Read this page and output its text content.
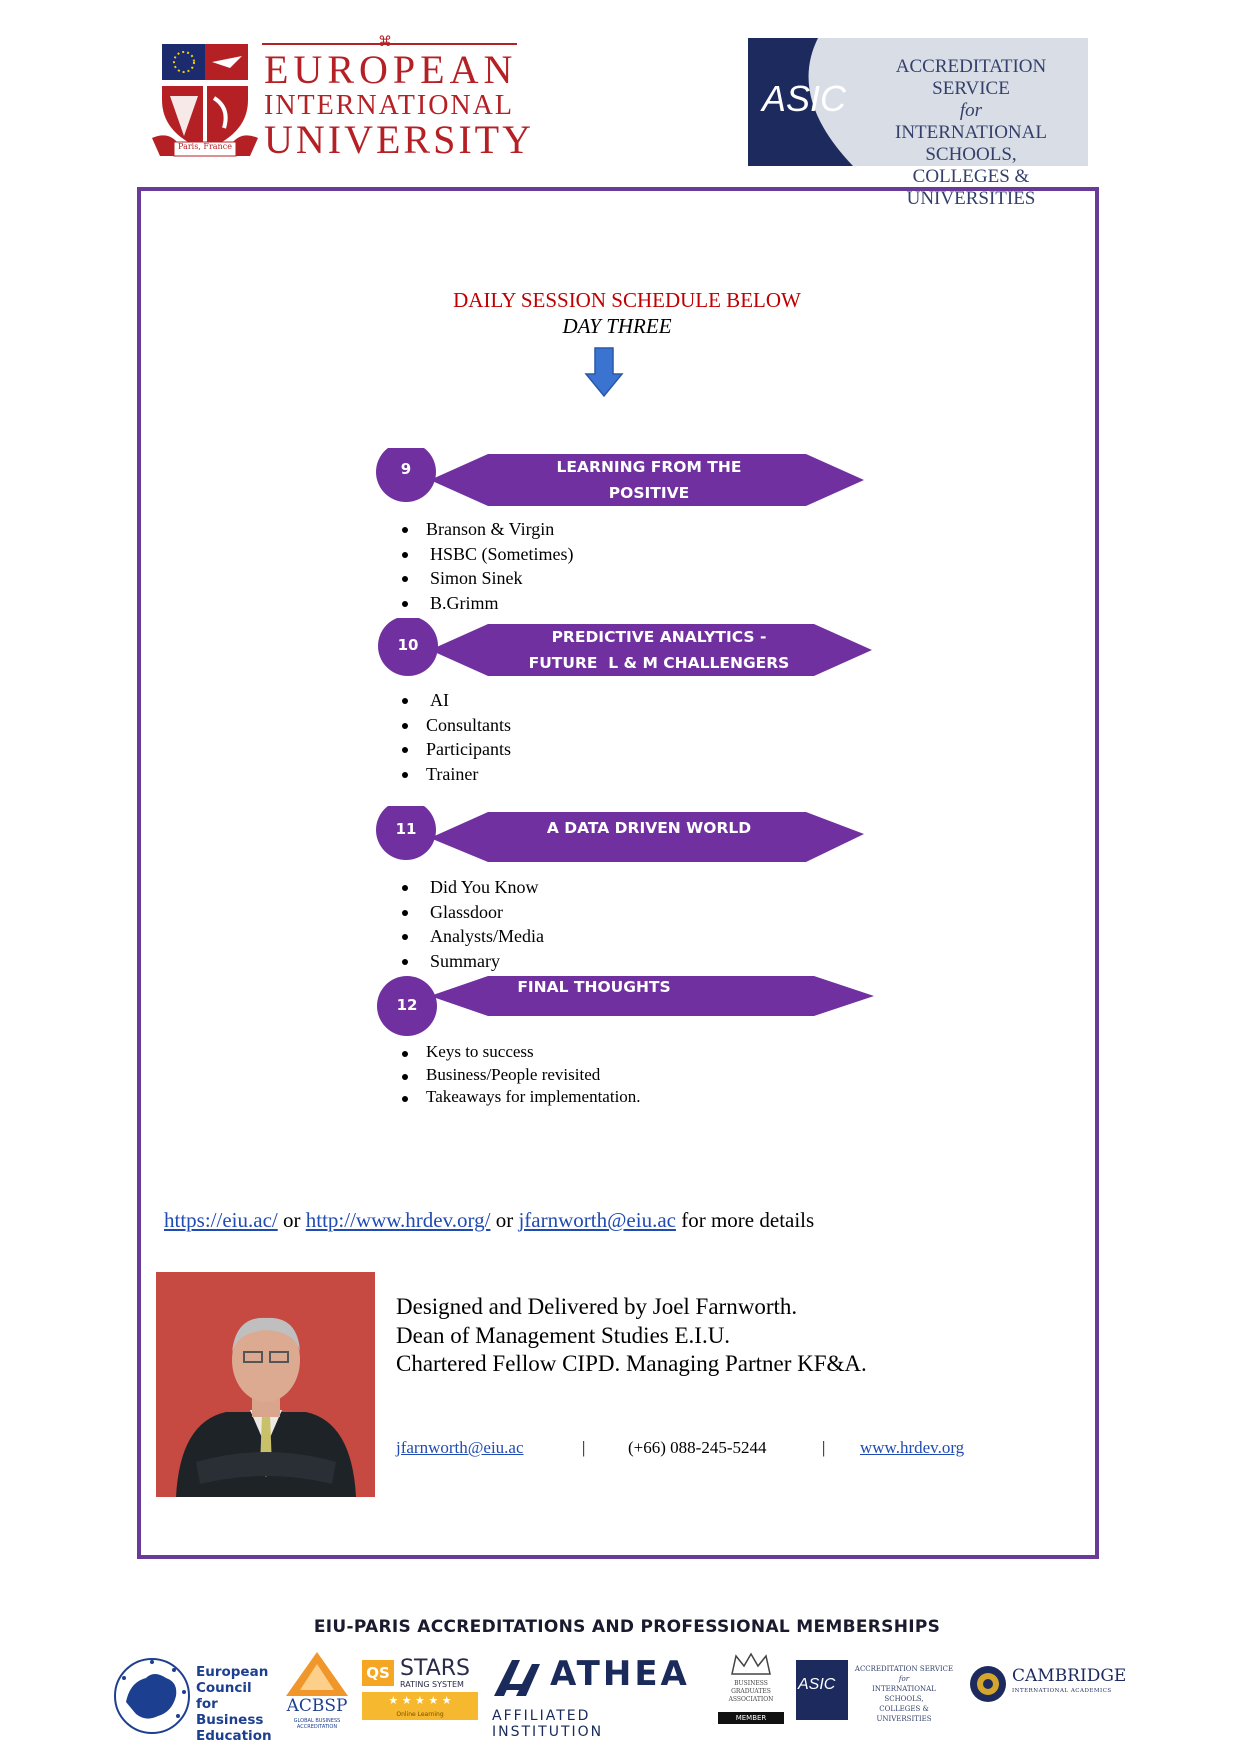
Paris, France
⌘
EUROPEAN
INTERNATIONAL
UNIVERSITY
ASIC
ACCREDITATION SERVICE
for
INTERNATIONAL SCHOOLS,
COLLEGES & UNIVERSITIES
DAILY SESSION SCHEDULE BELOW
DAY THREE
9	LEARNING FROM THE
POSITIVE
Branson & Virgin
HSBC (Sometimes)
Simon Sinek
B.Grimm
10	PREDICTIVE ANALYTICS -
FUTURE  L & M CHALLENGERS
AI
Consultants
Participants
Trainer
11	A DATA DRIVEN WORLD
Did You Know
Glassdoor
Analysts/Media
Summary
12
FINAL THOUGHTS
Keys to success
Business/People revisited
Takeaways for implementation.
https://eiu.ac/ or http://www.hrdev.org/ or jfarnworth@eiu.ac for more details
Designed and Delivered by Joel Farnworth.
Dean of Management Studies E.I.U.
Chartered Fellow CIPD. Managing Partner KF&A.
jfarnworth@eiu.ac	|	(+66) 088-245-5244	| www.hrdev.org
EIU-PARIS ACCREDITATIONS AND PROFESSIONAL MEMBERSHIPS
European
Council for
Business
Education
ACBSP
GLOBAL BUSINESS
ACCREDITATION
QS STARS
RATING SYSTEM
★ ★ ★ ★ ★
Online Learning
ATHEA
AFFILIATED INSTITUTION
BUSINESS
GRADUATES
ASSOCIATION
MEMBER
ASIC
ACCREDITATION SERVICE
for
INTERNATIONAL SCHOOLS,
COLLEGES & UNIVERSITIES
CAMBRIDGE
INTERNATIONAL ACADEMICS
